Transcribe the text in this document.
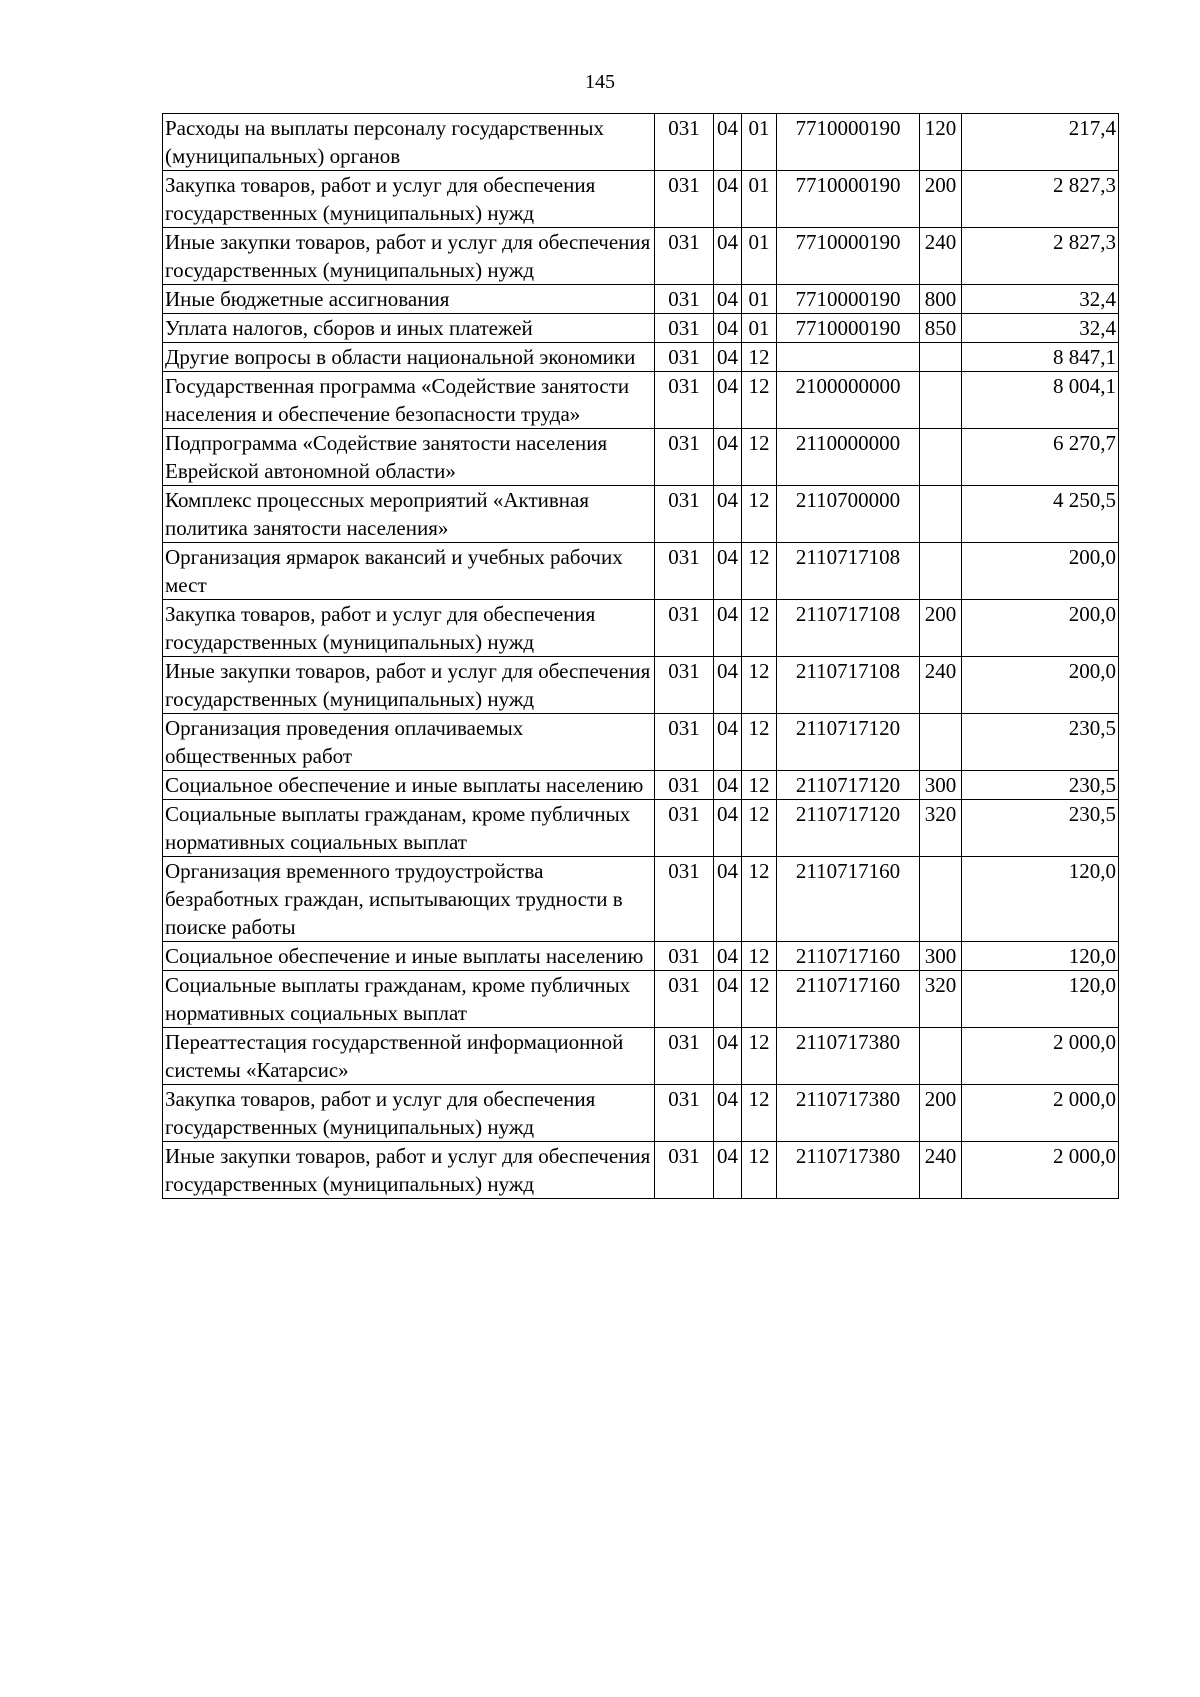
145
Расходы на выплаты персоналу государственных (муниципальных) органов	031	04	01	7710000190	120	217,4
Закупка товаров, работ и услуг для обеспечения государственных (муниципальных) нужд	031	04	01	7710000190	200	2 827,3
Иные закупки товаров, работ и услуг для обеспечения государственных (муниципальных) нужд	031	04	01	7710000190	240	2 827,3
Иные бюджетные ассигнования	031	04	01	7710000190	800	32,4
Уплата налогов, сборов и иных платежей	031	04	01	7710000190	850	32,4
Другие вопросы в области национальной экономики	031	04	12			8 847,1
Государственная программа «Содействие занятости населения и обеспечение безопасности труда»	031	04	12	2100000000		8 004,1
Подпрограмма «Содействие занятости населения Еврейской автономной области»	031	04	12	2110000000		6 270,7
Комплекс процессных мероприятий «Активная политика занятости населения»	031	04	12	2110700000		4 250,5
Организация ярмарок вакансий и учебных рабочих мест	031	04	12	2110717108		200,0
Закупка товаров, работ и услуг для обеспечения государственных (муниципальных) нужд	031	04	12	2110717108	200	200,0
Иные закупки товаров, работ и услуг для обеспечения государственных (муниципальных) нужд	031	04	12	2110717108	240	200,0
Организация проведения оплачиваемых общественных работ	031	04	12	2110717120		230,5
Социальное обеспечение и иные выплаты населению	031	04	12	2110717120	300	230,5
Социальные выплаты гражданам, кроме публичных нормативных социальных выплат	031	04	12	2110717120	320	230,5
Организация временного трудоустройства безработных граждан, испытывающих трудности в поиске работы	031	04	12	2110717160		120,0
Социальное обеспечение и иные выплаты населению	031	04	12	2110717160	300	120,0
Социальные выплаты гражданам, кроме публичных нормативных социальных выплат	031	04	12	2110717160	320	120,0
Переаттестация государственной информационной системы «Катарсис»	031	04	12	2110717380		2 000,0
Закупка товаров, работ и услуг для обеспечения государственных (муниципальных) нужд	031	04	12	2110717380	200	2 000,0
Иные закупки товаров, работ и услуг для обеспечения государственных (муниципальных) нужд	031	04	12	2110717380	240	2 000,0
